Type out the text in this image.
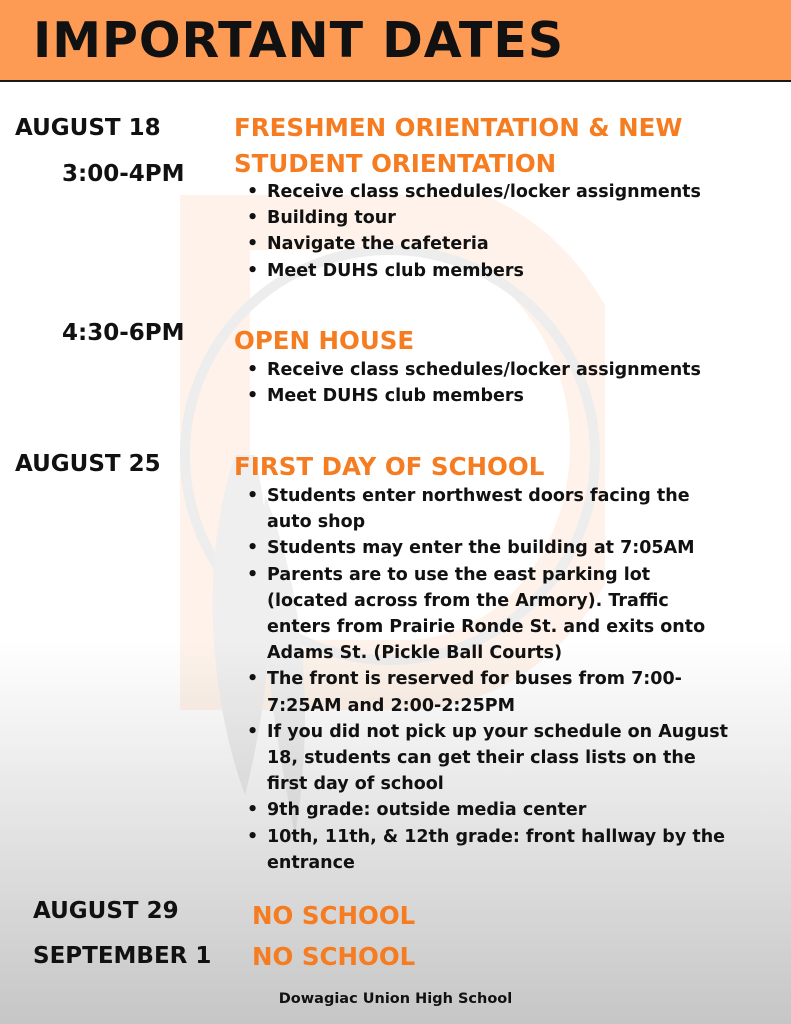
IMPORTANT DATES
AUGUST 18
3:00-4PM
FRESHMEN ORIENTATION & NEW
STUDENT ORIENTATION
• Receive class schedules/locker assignments
• Building tour
• Navigate the cafeteria
• Meet DUHS club members
4:30-6PM OPEN HOUSE
• Receive class schedules/locker assignments
• Meet DUHS club members
AUGUST 25	FIRST DAY OF SCHOOL
• Students enter northwest doors facing the auto shop
• Students may enter the building at 7:05AM
• Parents are to use the east parking lot (located across from the Armory). Traffic enters from Prairie Ronde St. and exits onto Adams St. (Pickle Ball Courts)
• The front is reserved for buses from 7:00-7:25AM and 2:00-2:25PM
• If you did not pick up your schedule on August 18, students can get their class lists on the first day of school
• 9th grade: outside media center
• 10th, 11th, & 12th grade: front hallway by the entrance
AUGUST 29	NO SCHOOL
SEPTEMBER 1 NO SCHOOL
Dowagiac Union High School
